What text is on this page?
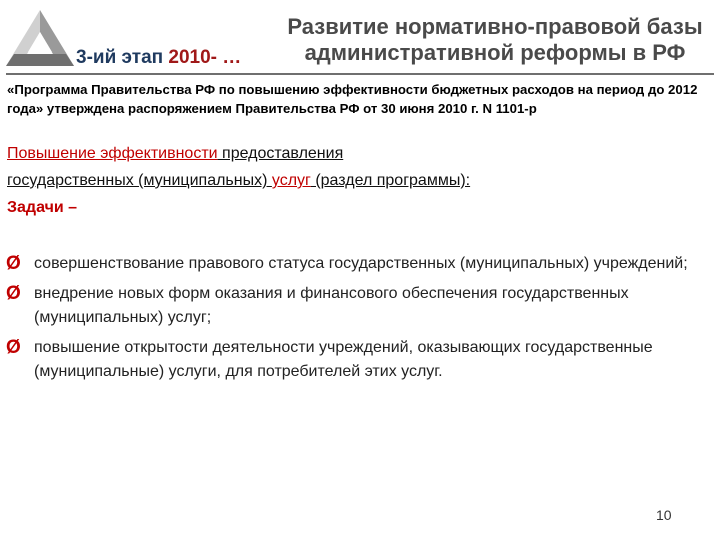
3-ий этап 2010- …
Развитие нормативно-правовой базы
административной реформы в РФ
«Программа Правительства РФ по повышению эффективности бюджетных расходов на период до 2012 года» утверждена распоряжением Правительства РФ от 30 июня 2010 г. N 1101-р
Повышение эффективности предоставления
государственных (муниципальных) услуг (раздел программы):
Задачи –
Ø совершенствование правового статуса государственных (муниципальных) учреждений;
Ø внедрение новых форм оказания и финансового обеспечения государственных (муниципальных) услуг;
Ø повышение открытости деятельности учреждений, оказывающих государственные (муниципальные) услуги, для потребителей этих услуг.
10
